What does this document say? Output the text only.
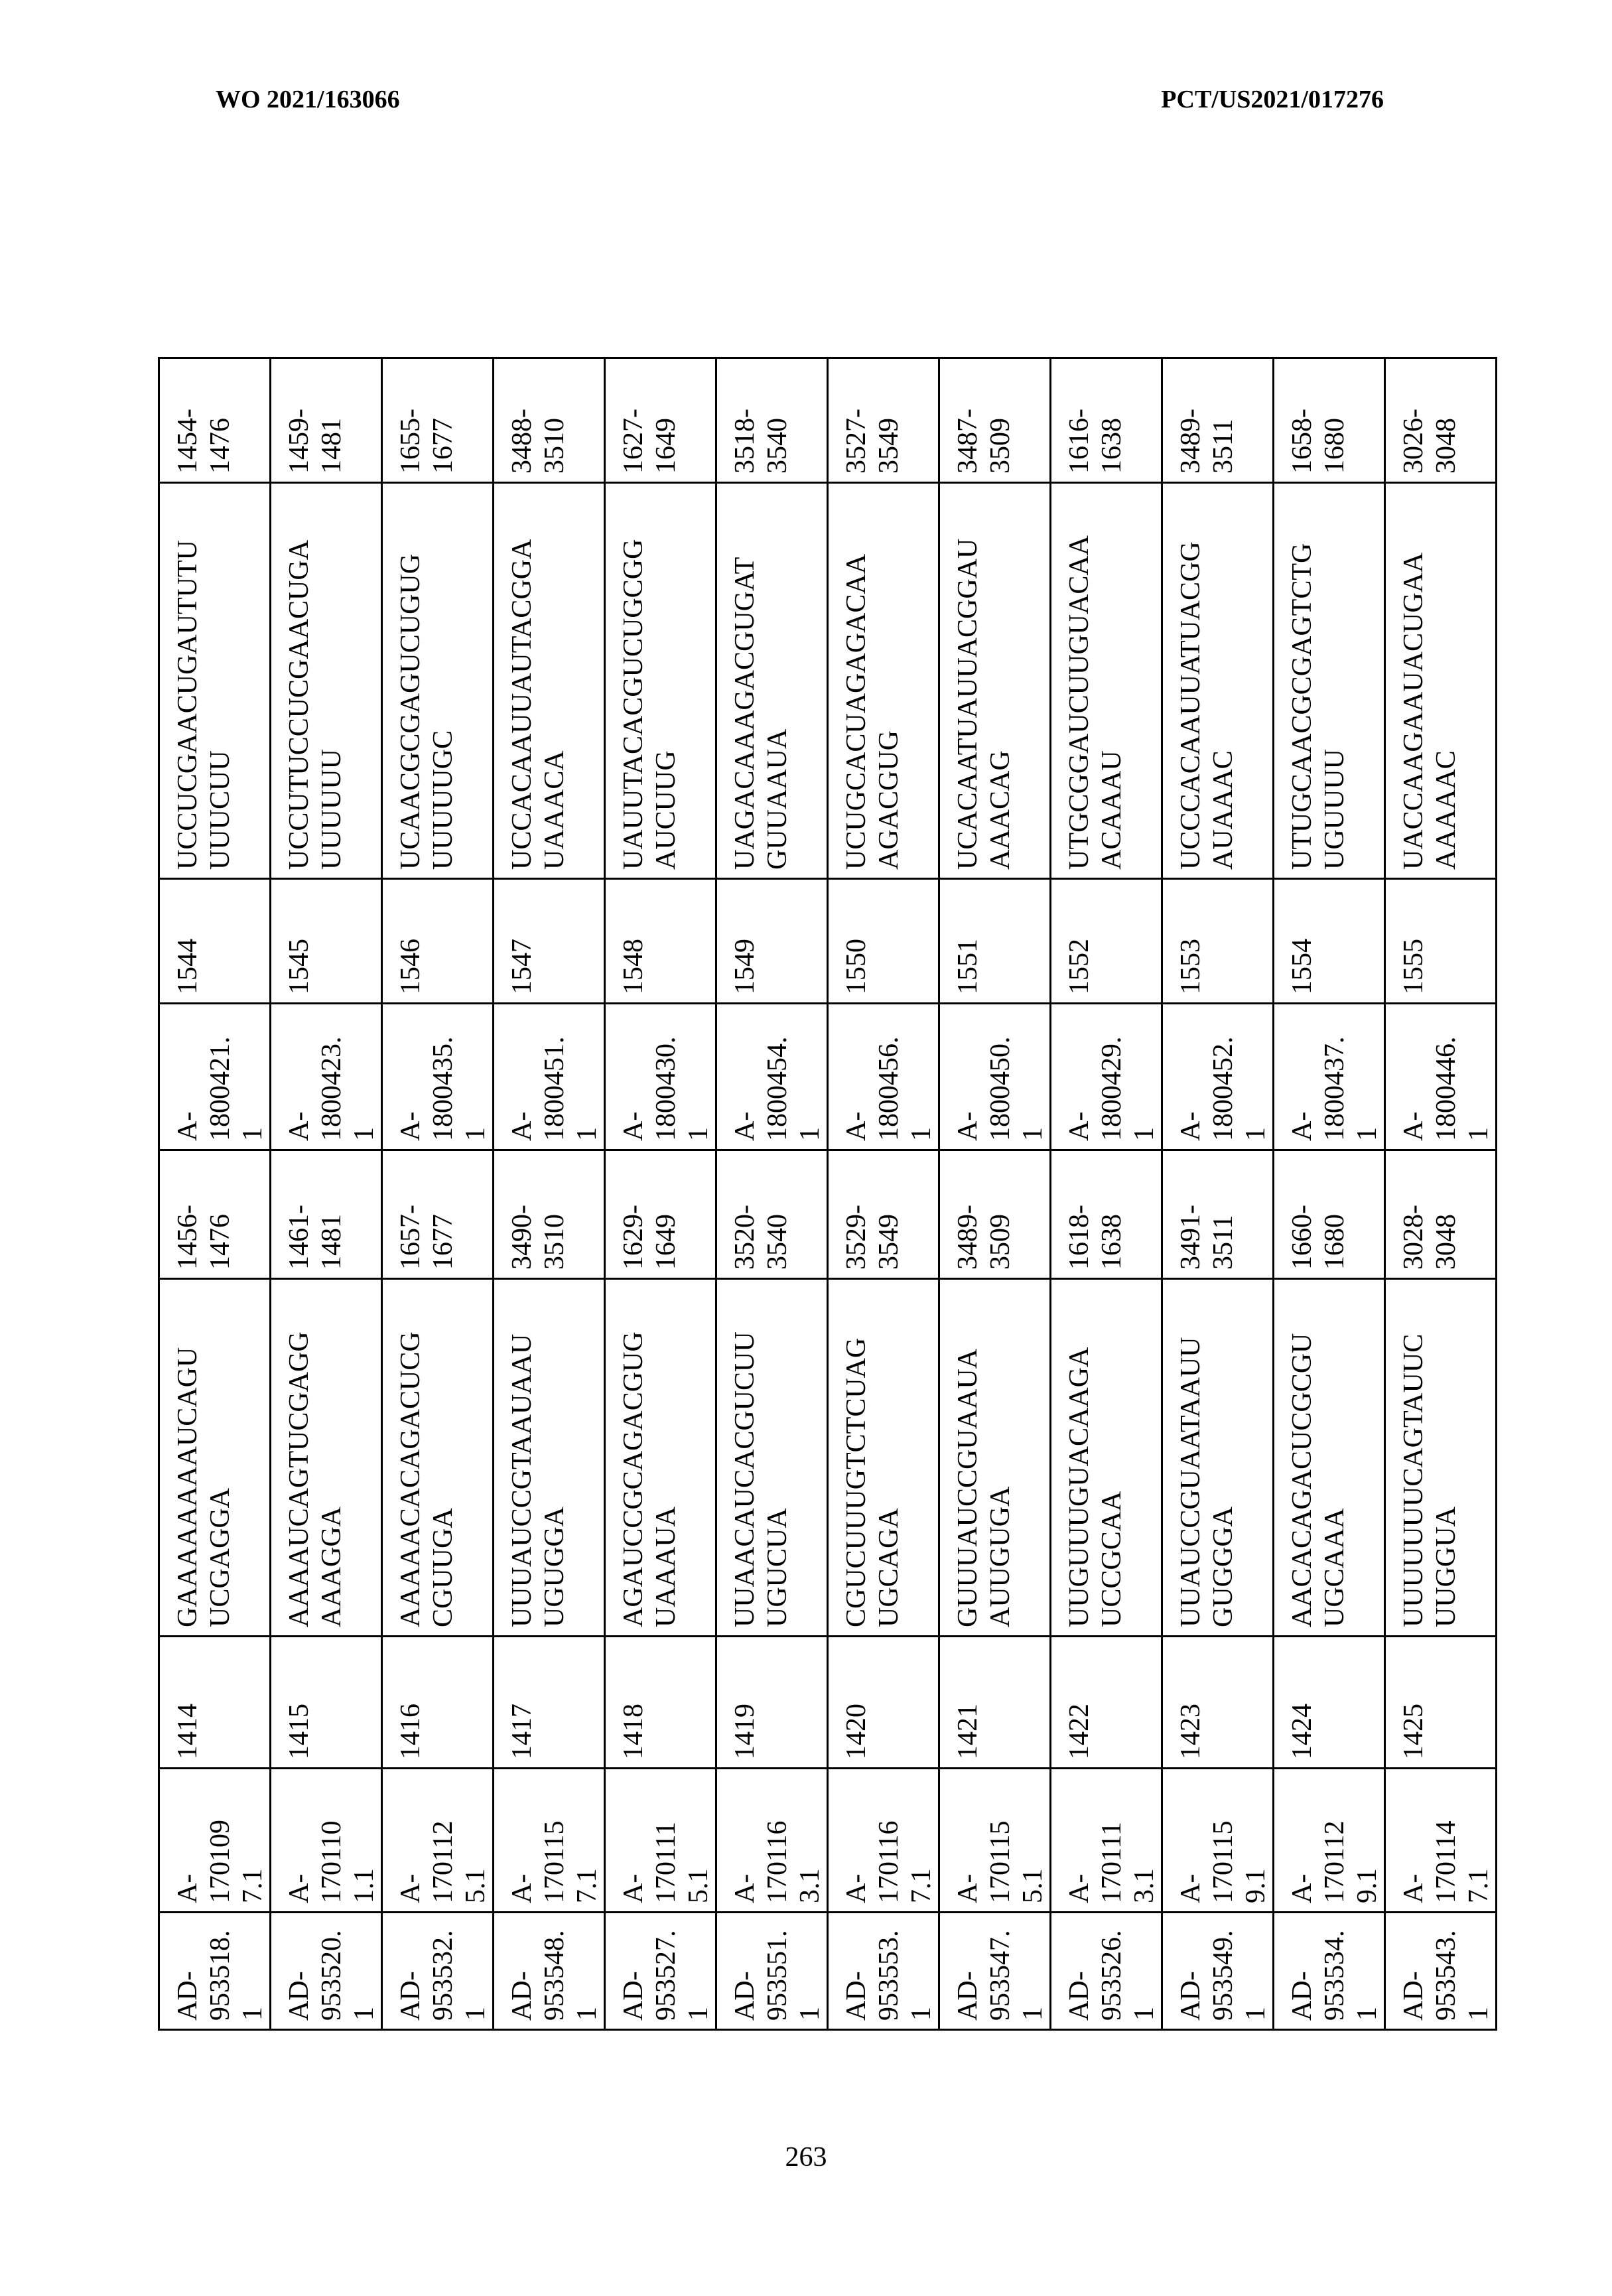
WO 2021/163066	PCT/US2021/017276
AD-
953518.
1	A-
170109
7.1	1414	GAAAAAAAAUCAGU
UCGAGGA	1456-
1476	A-
1800421.
1	1544	UCCUCGAACUGAUTUTU
UUUCUU	1454-
1476
AD-
953520.
1	A-
170110
1.1	1415	AAAAUCAGTUCGAGG
AAAGGA	1461-
1481	A-
1800423.
1	1545	UCCUTUCCUCGAACUGA
UUUUUU	1459-
1481
AD-
953532.
1	A-
170112
5.1	1416	AAAAACACAGACUCG
CGUUGA	1657-
1677	A-
1800435.
1	1546	UCAACGCGAGUCUGUG
UUUUUGC	1655-
1677
AD-
953548.
1	A-
170115
7.1	1417	UUUAUCCGTAAUAAU
UGUGGA	3490-
3510	A-
1800451.
1	1547	UCCACAAUUAUTACGGA
UAAACA	3488-
3510
AD-
953527.
1	A-
170111
5.1	1418	AGAUCCGCAGACGUG
UAAAUA	1629-
1649	A-
1800430.
1	1548	UAUUTACACGUCUGCGG
AUCUUG	1627-
1649
AD-
953551.
1	A-
170116
3.1	1419	UUAACAUCACGUCUU
UGUCUA	3520-
3540	A-
1800454.
1	1549	UAGACAAAGACGUGAT
GUUAAUA	3518-
3540
AD-
953553.
1	A-
170116
7.1	1420	CGUCUUUGTCTCUAG
UGCAGA	3529-
3549	A-
1800456.
1	1550	UCUGCACUAGAGACAA
AGACGUG	3527-
3549
AD-
953547.
1	A-
170115
5.1	1421	GUUUAUCCGUAAUA
AUUGUGA	3489-
3509	A-
1800450.
1	1551	UCACAATUAUUACGGAU
AAACAG	3487-
3509
AD-
953526.
1	A-
170111
3.1	1422	UUGUUUGUACAAGA
UCCGCAA	1618-
1638	A-
1800429.
1	1552	UTGCGGAUCUUGUACAA
ACAAAU	1616-
1638
AD-
953549.
1	A-
170115
9.1	1423	UUAUCCGUAATAAUU
GUGGGA	3491-
3511	A-
1800452.
1	1553	UCCCACAAUUATUACGG
AUAAAC	3489-
3511
AD-
953534.
1	A-
170112
9.1	1424	AACACAGACUCGCGU
UGCAAA	1660-
1680	A-
1800437.
1	1554	UTUGCAACGCGAGTCTG
UGUUUU	1658-
1680
AD-
953543.
1	A-
170114
7.1	1425	UUUUUUUCAGTAUUC
UUGGUA	3028-
3048	A-
1800446.
1	1555	UACCAAGAAUACUGAA
AAAAAC	3026-
3048
263
